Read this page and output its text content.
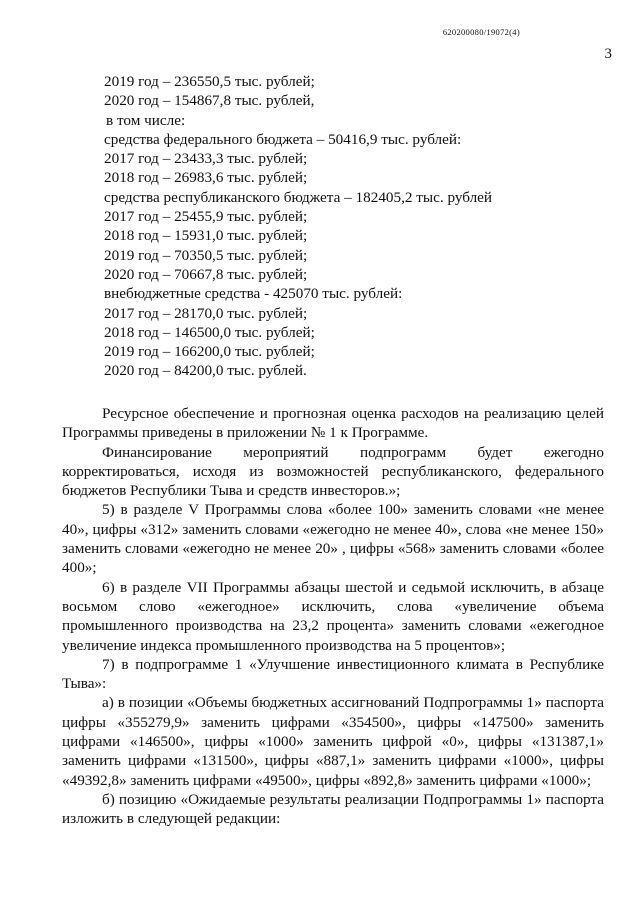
620200080/19072(4)
3
2019 год – 236550,5 тыс. рублей;
2020 год – 154867,8 тыс. рублей,
в том числе:
средства федерального бюджета – 50416,9 тыс. рублей:
2017 год – 23433,3 тыс. рублей;
2018 год – 26983,6 тыс. рублей;
средства республиканского бюджета – 182405,2 тыс. рублей
2017 год – 25455,9 тыс. рублей;
2018 год – 15931,0 тыс. рублей;
2019 год – 70350,5 тыс. рублей;
2020 год – 70667,8 тыс. рублей;
внебюджетные средства - 425070 тыс. рублей:
2017 год – 28170,0 тыс. рублей;
2018 год – 146500,0 тыс. рублей;
2019 год – 166200,0 тыс. рублей;
2020 год – 84200,0 тыс. рублей.

Ресурсное обеспечение и прогнозная оценка расходов на реализацию целей Программы приведены в приложении № 1 к Программе.

Финансирование мероприятий подпрограмм будет ежегодно корректироваться, исходя из возможностей республиканского, федерального бюджетов Республики Тыва и средств инвесторов.»;

5) в разделе V Программы слова «более 100» заменить словами «не менее 40», цифры «312» заменить словами «ежегодно не менее 40», слова «не менее 150» заменить словами «ежегодно не менее 20» , цифры «568» заменить словами «более 400»;

6) в разделе VII Программы абзацы шестой и седьмой исключить, в абзаце восьмом слово «ежегодное» исключить, слова «увеличение объема промышленного производства на 23,2 процента» заменить словами «ежегодное увеличение индекса промышленного производства на 5 процентов»;

7) в подпрограмме 1 «Улучшение инвестиционного климата в Республике Тыва»:

а) в позиции «Объемы бюджетных ассигнований Подпрограммы 1» паспорта цифры «355279,9» заменить цифрами «354500», цифры «147500» заменить цифрами «146500», цифры «1000» заменить цифрой «0», цифры «131387,1» заменить цифрами «131500», цифры «887,1» заменить цифрами «1000», цифры «49392,8» заменить цифрами «49500», цифры «892,8» заменить цифрами «1000»;

б) позицию «Ожидаемые результаты реализации Подпрограммы 1» паспорта изложить в следующей редакции:
